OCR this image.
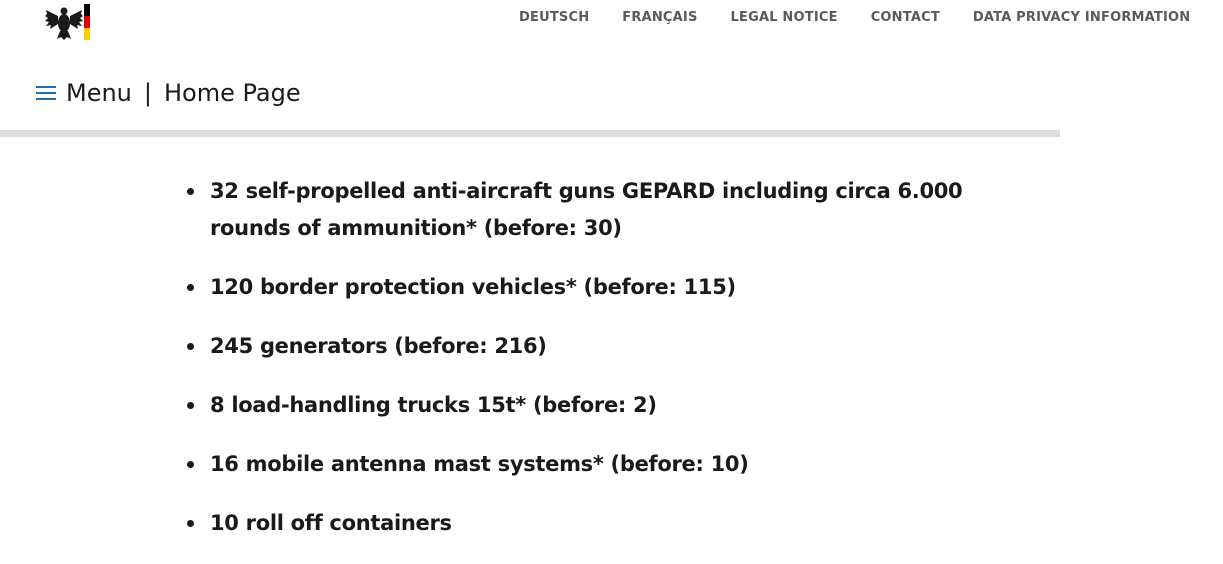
DEUTSCH	FRANÇAIS	LEGAL NOTICE	CONTACT	DATA PRIVACY INFORMATION
Menu | Home Page
32 self-propelled anti-aircraft guns GEPARD including circa 6.000 rounds of ammunition* (before: 30)
120 border protection vehicles* (before: 115)
245 generators (before: 216)
8 load-handling trucks 15t* (before: 2)
16 mobile antenna mast systems* (before: 10)
10 roll off containers
